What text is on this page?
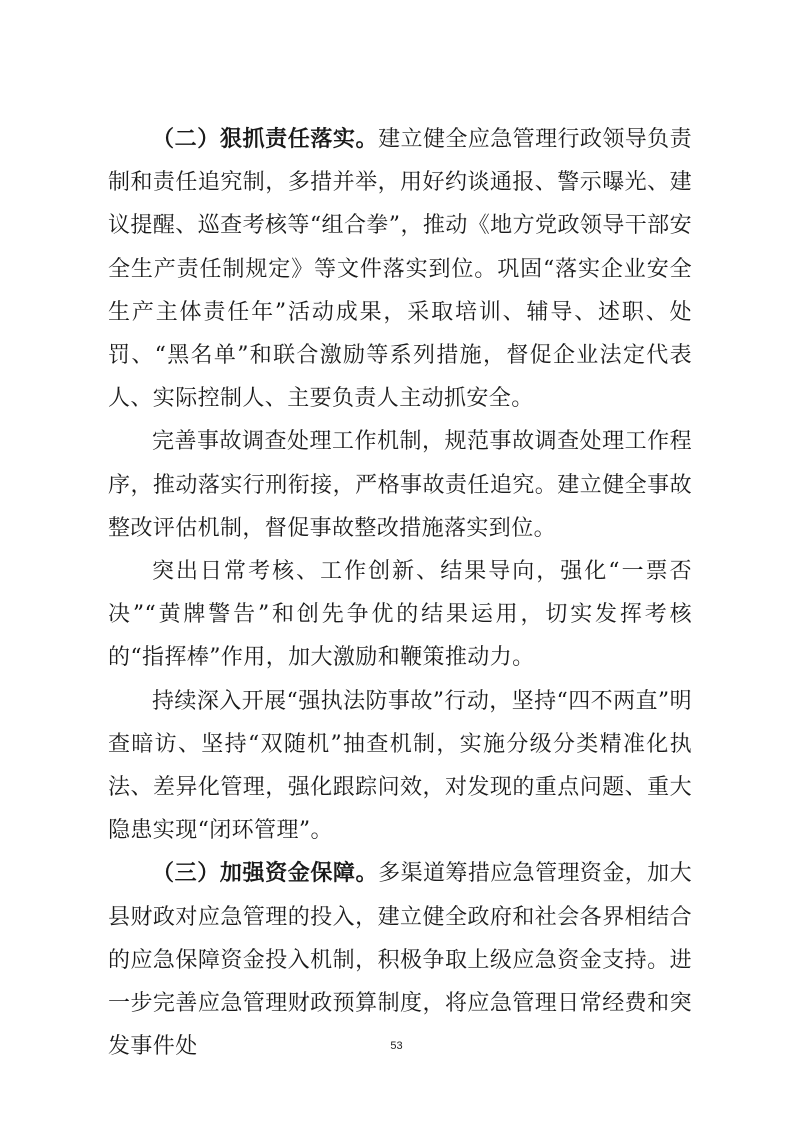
（二）狠抓责任落实。建立健全应急管理行政领导负责制和责任追究制，多措并举，用好约谈通报、警示曝光、建议提醒、巡查考核等“组合拳”，推动《地方党政领导干部安全生产责任制规定》等文件落实到位。巩固“落实企业安全生产主体责任年”活动成果，采取培训、辅导、述职、处罚、“黑名单”和联合激励等系列措施，督促企业法定代表人、实际控制人、主要负责人主动抓安全。

完善事故调查处理工作机制，规范事故调查处理工作程序，推动落实行刑衔接，严格事故责任追究。建立健全事故整改评估机制，督促事故整改措施落实到位。

突出日常考核、工作创新、结果导向，强化“一票否决”“黄牌警告”和创先争优的结果运用，切实发挥考核的“指挥棒”作用，加大激励和鞭策推动力。

持续深入开展“强执法防事故”行动，坚持“四不两直”明查暗访、坚持“双随机”抽查机制，实施分级分类精准化执法、差异化管理，强化跟踪问效，对发现的重点问题、重大隐患实现“闭环管理”。

（三）加强资金保障。多渠道筹措应急管理资金，加大县财政对应急管理的投入，建立健全政府和社会各界相结合的应急保障资金投入机制，积极争取上级应急资金支持。进一步完善应急管理财政预算制度，将应急管理日常经费和突发事件处	53
